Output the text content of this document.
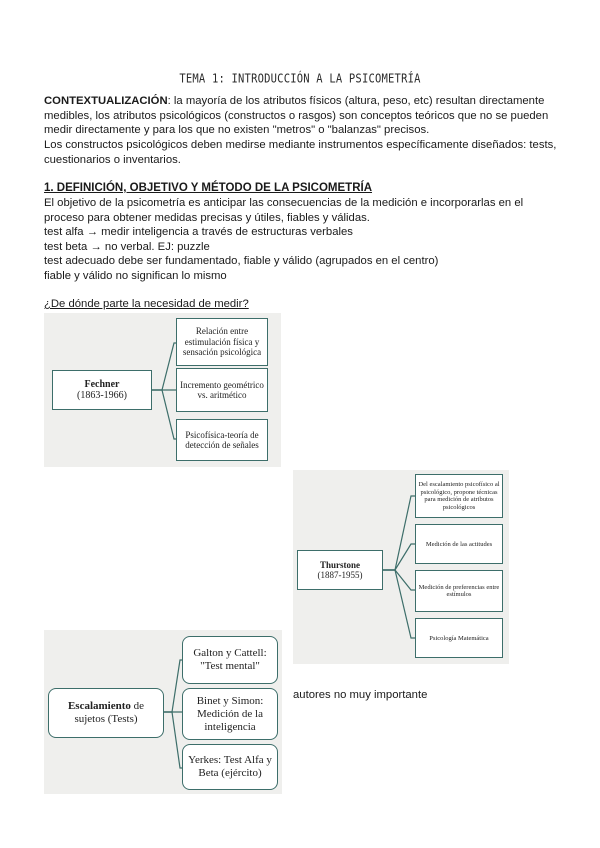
TEMA 1: INTRODUCCIÓN A LA PSICOMETRÍA
CONTEXTUALIZACIÓN: la mayoría de los atributos físicos (altura, peso, etc) resultan directamente medibles, los atributos psicológicos (constructos o rasgos) son conceptos teóricos que no se pueden medir directamente y para los que no existen "metros" o "balanzas" precisos.
Los constructos psicológicos deben medirse mediante instrumentos específicamente diseñados: tests, cuestionarios o inventarios.
1. DEFINICIÓN, OBJETIVO Y MÉTODO DE LA PSICOMETRÍA
El objetivo de la psicometría es anticipar las consecuencias de la medición e incorporarlas en el proceso para obtener medidas precisas y útiles, fiables y válidas.
test alfa → medir inteligencia a través de estructuras verbales
test beta → no verbal. EJ: puzzle
test adecuado debe ser fundamentado, fiable y válido (agrupados en el centro)
fiable y válido no significan lo mismo
¿De dónde parte la necesidad de medir?
Fechner
(1863-1966)
Relación entre estimulación física y sensación psicológica
Incremento geométrico vs. aritmético
Psicofísica-teoría de detección de señales
Thurstone
(1887-1955)
Del escalamiento psicofísico al psicológico, propone técnicas para medición de atributos psicológicos
Medición de las actitudes
Medición de preferencias entre estímulos
Psicología Matemática
Escalamiento de sujetos (Tests)
Galton y Cattell: "Test mental"
Binet y Simon: Medición de la inteligencia
Yerkes: Test Alfa y Beta (ejército)
autores no muy importante
